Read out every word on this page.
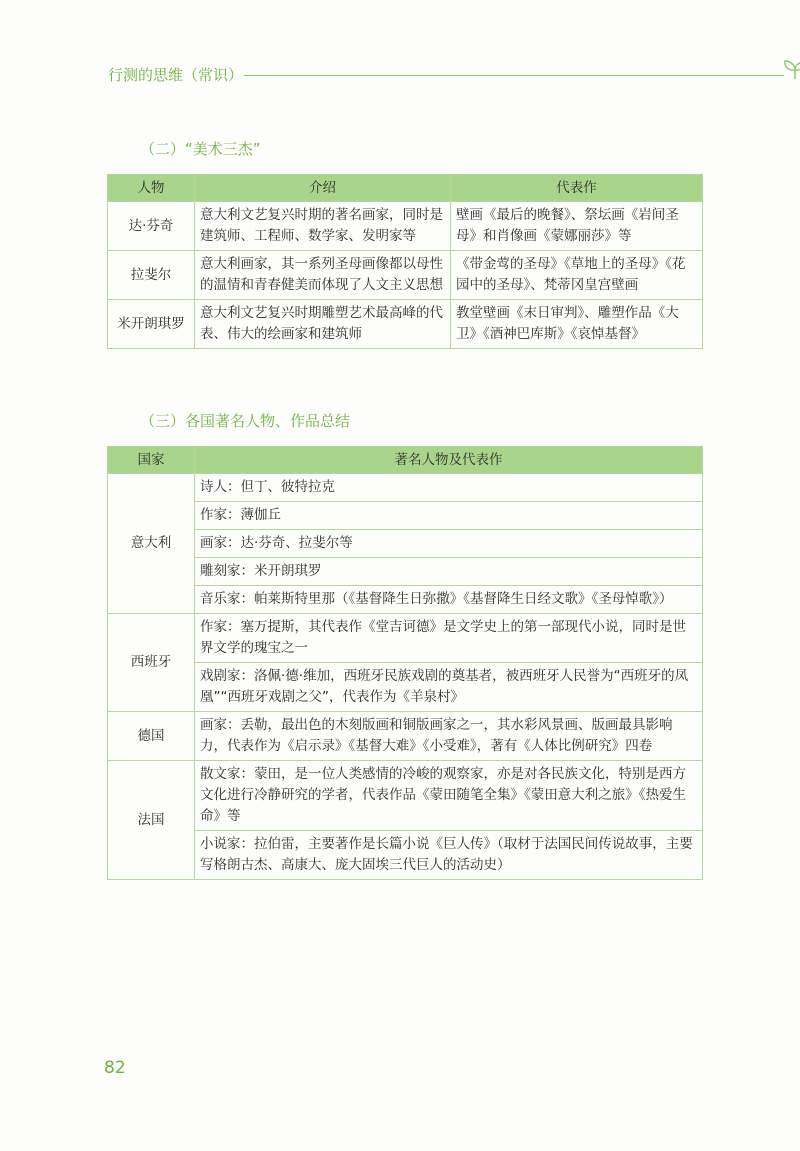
行测的思维（常识）
（二）“美术三杰”
人物	介绍	代表作
达·芬奇	意大利文艺复兴时期的著名画家，同时是建筑师、工程师、数学家、发明家等	壁画《最后的晚餐》、祭坛画《岩间圣母》和肖像画《蒙娜丽莎》等
拉斐尔	意大利画家，其一系列圣母画像都以母性的温情和青春健美而体现了人文主义思想	《带金莺的圣母》《草地上的圣母》《花园中的圣母》、梵蒂冈皇宫壁画
米开朗琪罗	意大利文艺复兴时期雕塑艺术最高峰的代表、伟大的绘画家和建筑师	教堂壁画《末日审判》、雕塑作品《大卫》《酒神巴库斯》《哀悼基督》
（三）各国著名人物、作品总结
国家	著名人物及代表作
意大利	诗人：但丁、彼特拉克
	作家：薄伽丘
	画家：达·芬奇、拉斐尔等
	雕刻家：米开朗琪罗
	音乐家：帕莱斯特里那（《基督降生日弥撒》《基督降生日经文歌》《圣母悼歌》）
西班牙	作家：塞万提斯，其代表作《堂吉诃德》是文学史上的第一部现代小说，同时是世界文学的瑰宝之一
	戏剧家：洛佩·德·维加，西班牙民族戏剧的奠基者，被西班牙人民誉为“西班牙的凤凰”“西班牙戏剧之父”，代表作为《羊泉村》
德国	画家：丢勒，最出色的木刻版画和铜版画家之一，其水彩风景画、版画最具影响力，代表作为《启示录》《基督大难》《小受难》，著有《人体比例研究》四卷
法国	散文家：蒙田，是一位人类感情的冷峻的观察家，亦是对各民族文化，特别是西方文化进行冷静研究的学者，代表作品《蒙田随笔全集》《蒙田意大利之旅》《热爱生命》等
	小说家：拉伯雷，主要著作是长篇小说《巨人传》（取材于法国民间传说故事，主要写格朗古杰、高康大、庞大固埃三代巨人的活动史）
82
